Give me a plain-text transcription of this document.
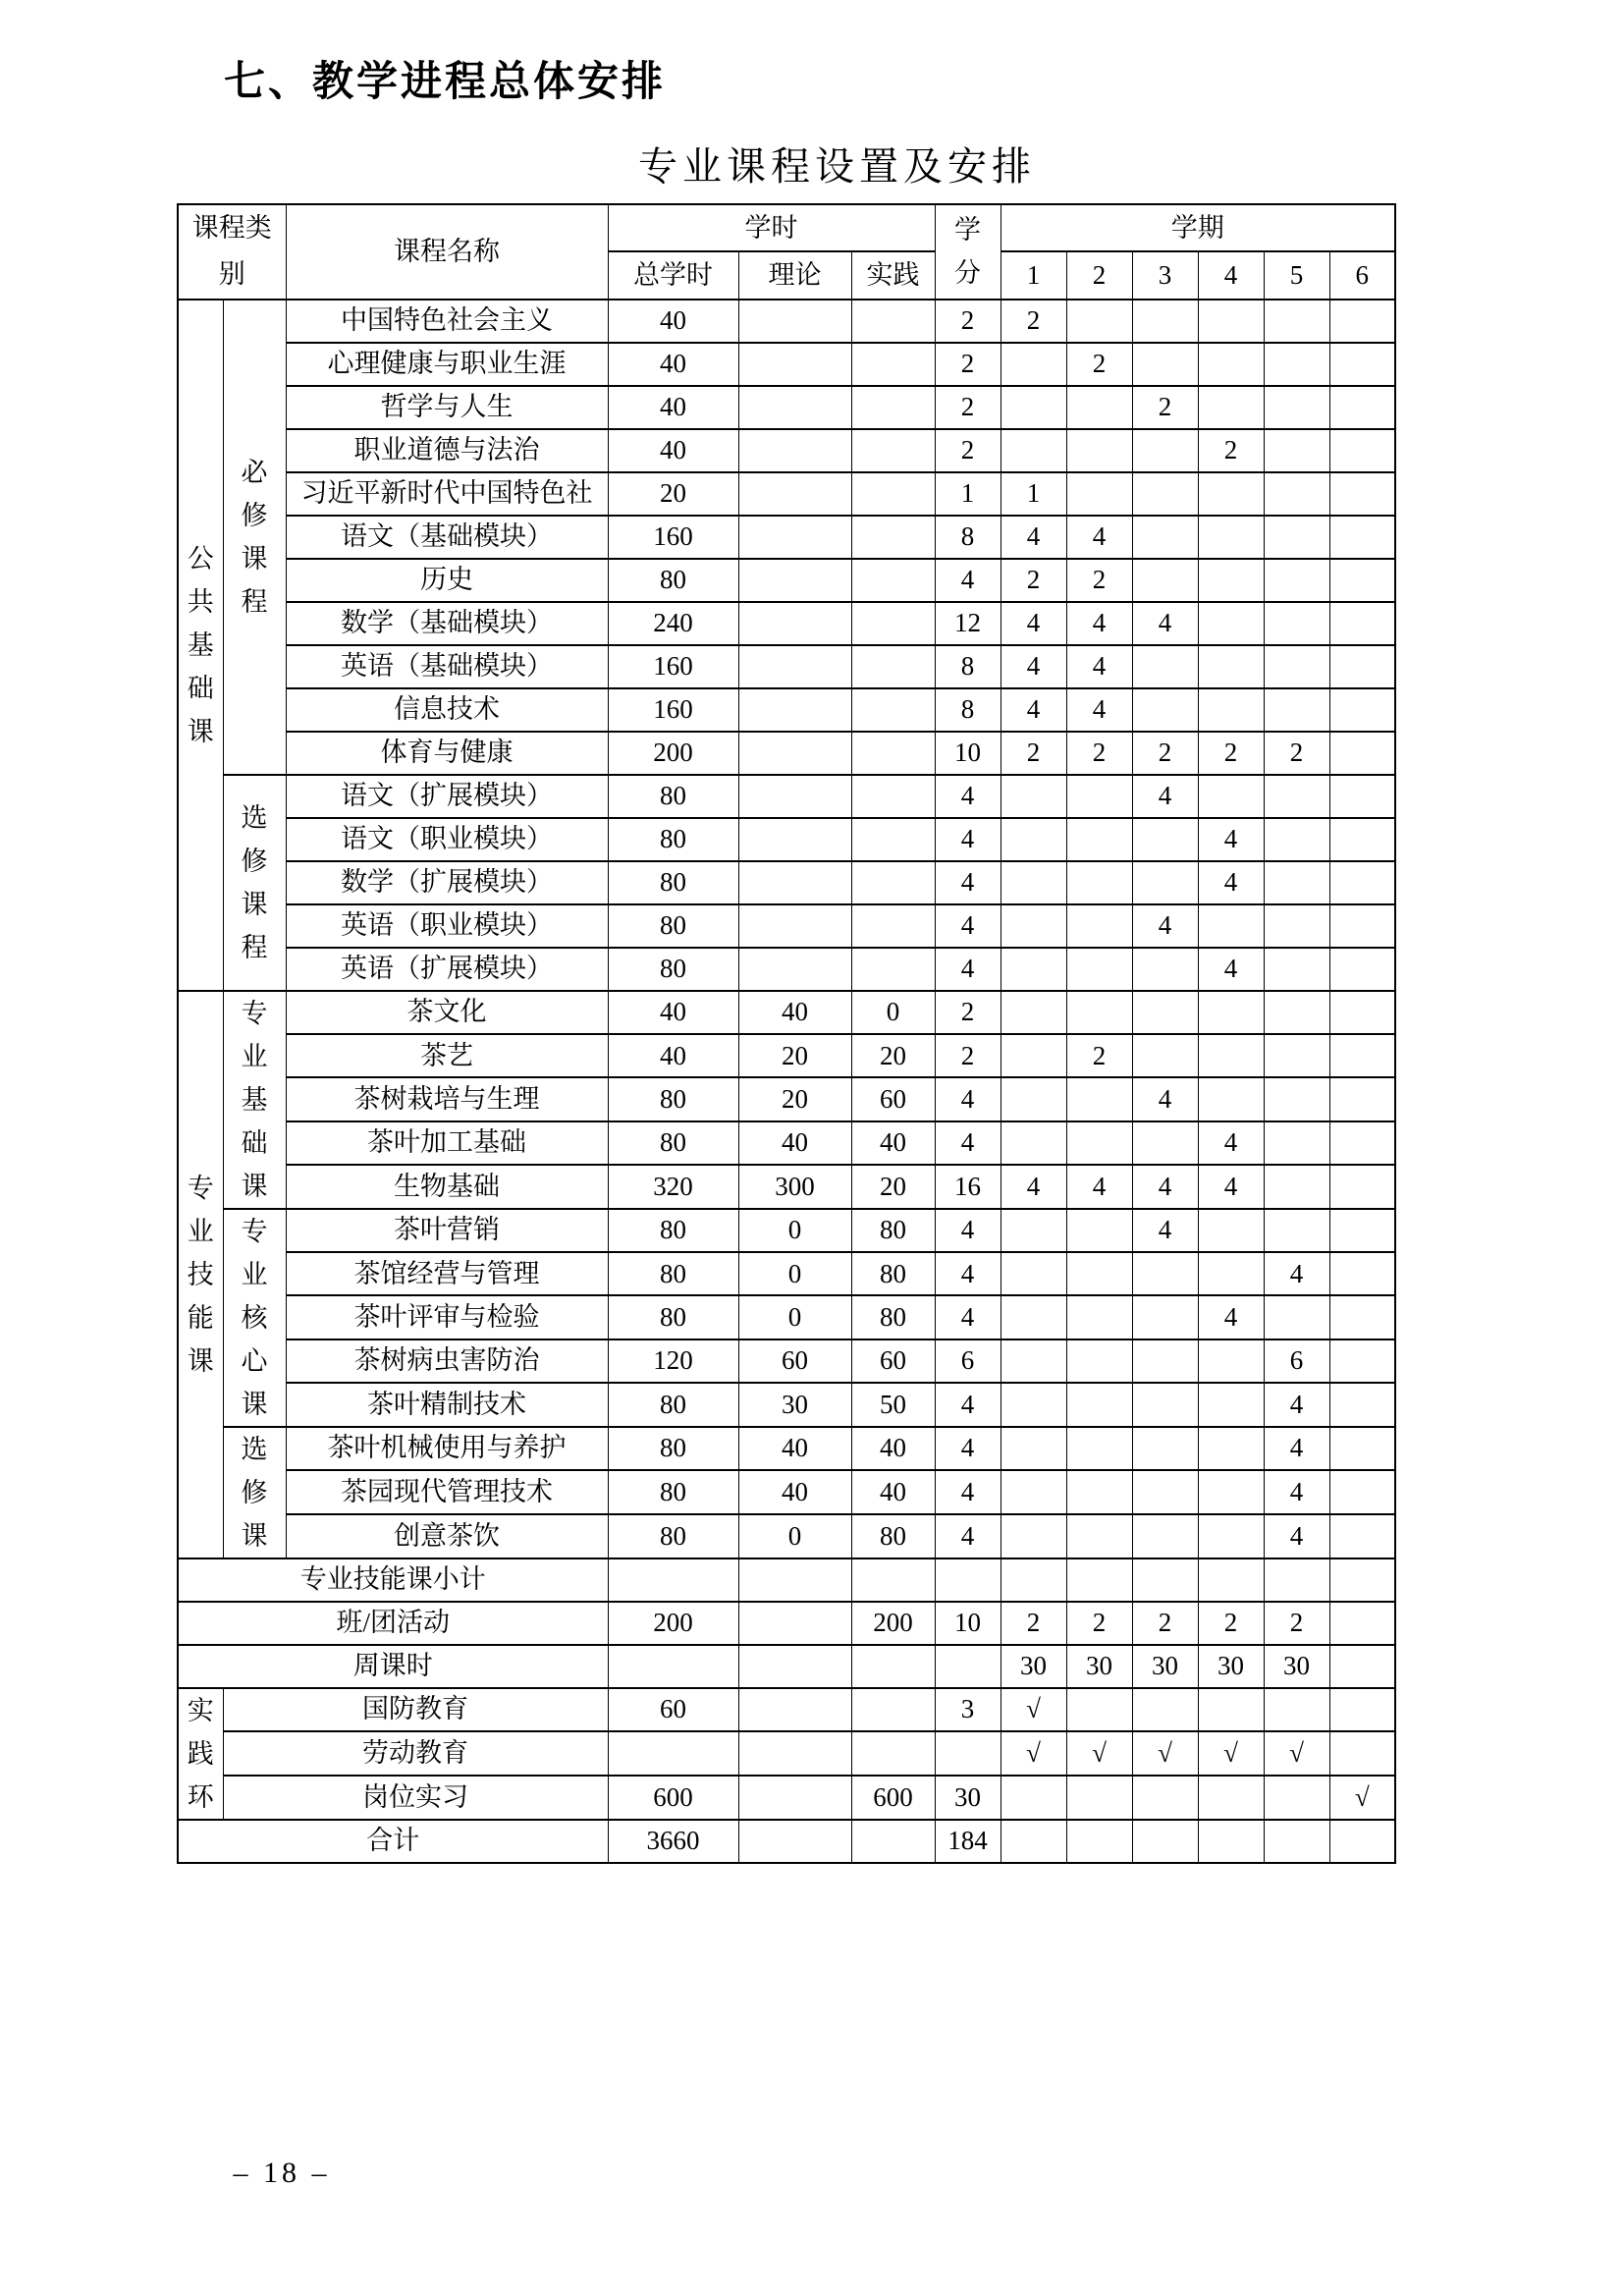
七、教学进程总体安排
专业课程设置及安排
课程类别		课程名称	学时			学分	学期					
			总学时	理论	实践		1	2	3	4	5	6

公共基础课	必修课程	中国特色社会主义	40			2	2					
		心理健康与职业生涯	40			2		2				
		哲学与人生	40			2			2			
		职业道德与法治	40			2				2		
		习近平新时代中国特色社	20			1	1					
		语文（基础模块）	160			8	4	4				
		历史	80			4	2	2				
		数学（基础模块）	240			12	4	4	4			
		英语（基础模块）	160			8	4	4				
		信息技术	160			8	4	4				
		体育与健康	200			10	2	2	2	2	2	

	选修课程	语文（扩展模块）	80			4			4			
		语文（职业模块）	80			4				4		
		数学（扩展模块）	80			4				4		
		英语（职业模块）	80			4			4			
		英语（扩展模块）	80			4				4		

专业技能课	专业基础课	茶文化	40	40	0	2						
		茶艺	40	20	20	2		2				
		茶树栽培与生理	80	20	60	4			4			
		茶叶加工基础	80	40	40	4				4		
		生物基础	320	300	20	16	4	4	4	4		

	专业核心课	茶叶营销	80	0	80	4			4			
		茶馆经营与管理	80	0	80	4					4	
		茶叶评审与检验	80	0	80	4				4		
		茶树病虫害防治	120	60	60	6					6	
		茶叶精制技术	80	30	50	4					4	

	选修课	茶叶机械使用与养护	80	40	40	4					4	
		茶园现代管理技术	80	40	40	4					4	
		创意茶饮	80	0	80	4					4	
专业技能课小计												
班/团活动			200		200	10	2	2	2	2	2	
周课时							30	30	30	30	30	

实践环	国防教育		60			3	√					
	劳动教育						√	√	√	√	√	
	岗位实习		600		600	30						√
合计			3660			184						
– 18 –
